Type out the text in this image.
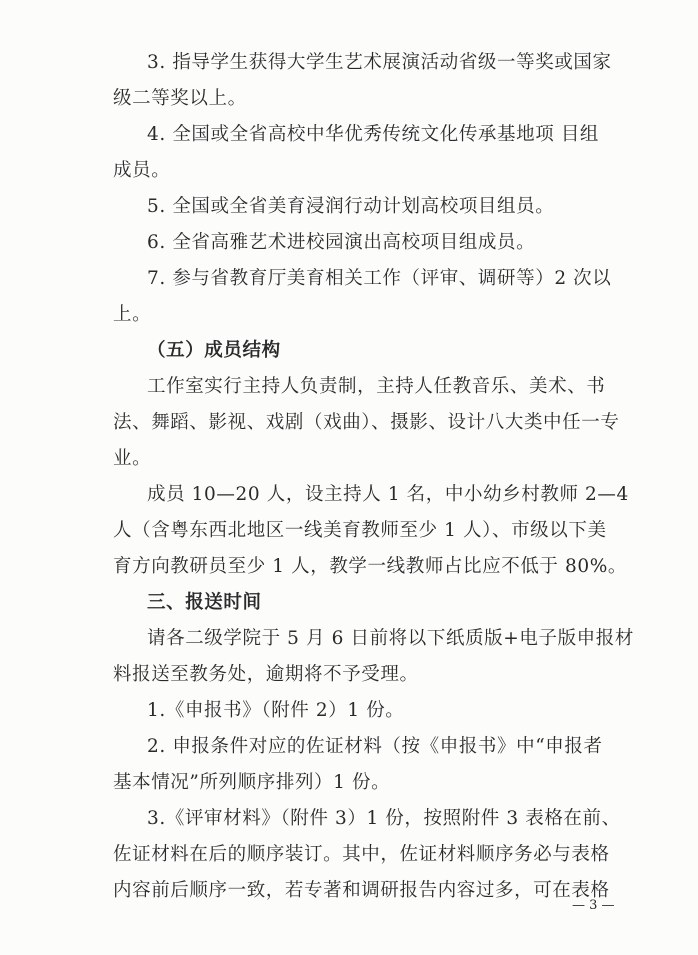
3. 指导学生获得大学生艺术展演活动省级一等奖或国家
级二等奖以上。
4. 全国或全省高校中华优秀传统文化传承基地项 目组
成员。
5. 全国或全省美育浸润行动计划高校项目组员。
6. 全省高雅艺术进校园演出高校项目组成员。
7. 参与省教育厅美育相关工作（评审、调研等）2 次以
上。
（五）成员结构
工作室实行主持人负责制，主持人任教音乐、美术、书
法、舞蹈、影视、戏剧（戏曲）、摄影、设计八大类中任一专
业。
成员 10—20 人，设主持人 1 名，中小幼乡村教师 2—4
人（含粤东西北地区一线美育教师至少 1 人）、市级以下美
育方向教研员至少 1 人，教学一线教师占比应不低于 80%。
三、报送时间
请各二级学院于 5 月 6 日前将以下纸质版+电子版申报材
料报送至教务处，逾期将不予受理。
1.《申报书》（附件 2）1 份。
2. 申报条件对应的佐证材料（按《申报书》中“申报者
基本情况”所列顺序排列）1 份。
3.《评审材料》（附件 3）1 份，按照附件 3 表格在前、
佐证材料在后的顺序装订。其中，佐证材料顺序务必与表格
内容前后顺序一致，若专著和调研报告内容过多，可在表格
— 3 —
